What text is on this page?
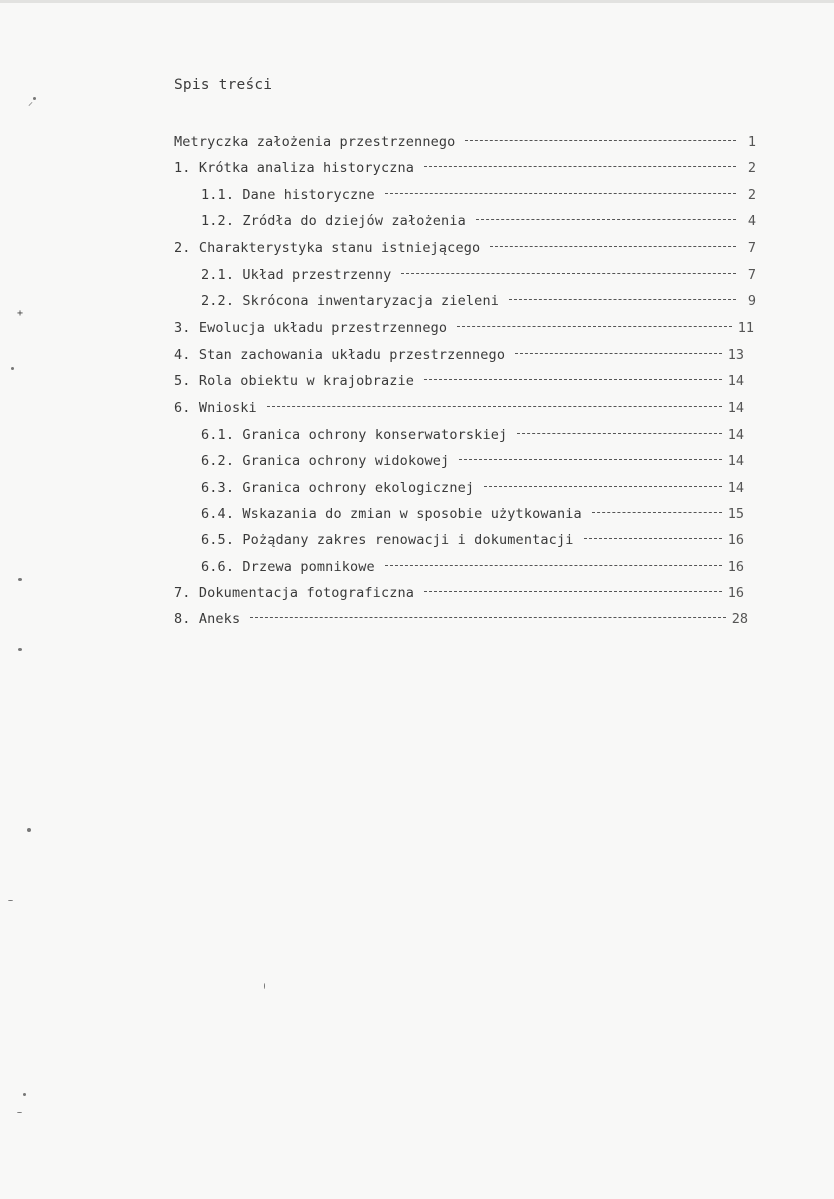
Spis treści
Metryczka założenia przestrzennego	1
1. Krótka analiza historyczna	2
1.1. Dane historyczne	2
1.2. Zródła do dziejów założenia	4
2. Charakterystyka stanu istniejącego	7
2.1. Układ przestrzenny	7
2.2. Skrócona inwentaryzacja zieleni	9
3. Ewolucja układu przestrzennego	11
4. Stan zachowania układu przestrzennego	13
5. Rola obiektu w krajobrazie	14
6. Wnioski	14
6.1. Granica ochrony konserwatorskiej	14
6.2. Granica ochrony widokowej	14
6.3. Granica ochrony ekologicznej	14
6.4. Wskazania do zmian w sposobie użytkowania	15
6.5. Pożądany zakres renowacji i dokumentacji	16
6.6. Drzewa pomnikowe	16
7. Dokumentacja fotograficzna	16
8. Aneks	28
⸝
+
